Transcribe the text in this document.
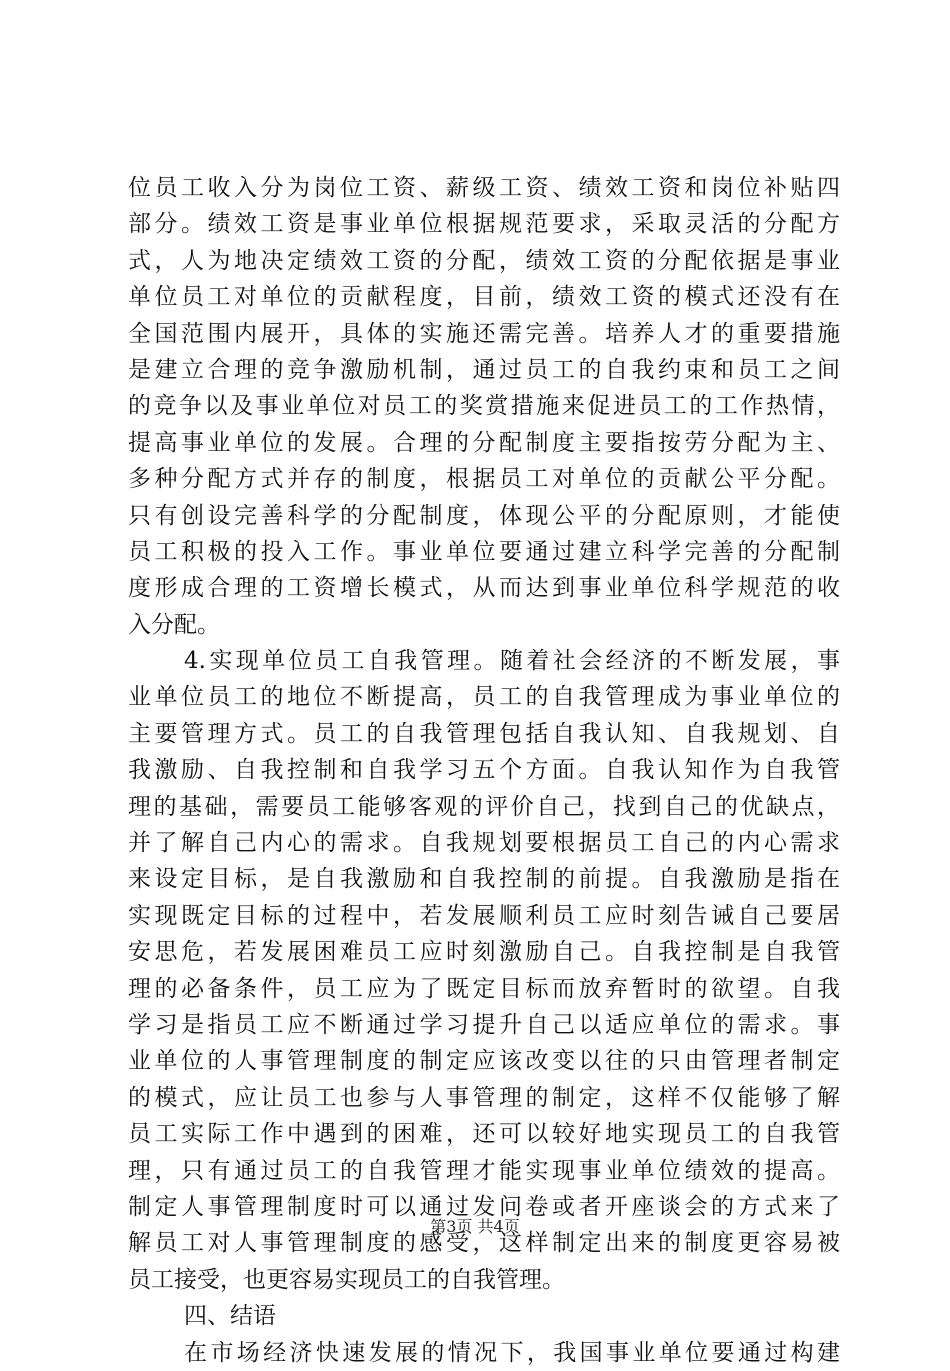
位员工收入分为岗位工资、薪级工资、绩效工资和岗位补贴四
部分。绩效工资是事业单位根据规范要求，采取灵活的分配方
式，人为地决定绩效工资的分配，绩效工资的分配依据是事业
单位员工对单位的贡献程度，目前，绩效工资的模式还没有在
全国范围内展开，具体的实施还需完善。培养人才的重要措施
是建立合理的竞争激励机制，通过员工的自我约束和员工之间
的竞争以及事业单位对员工的奖赏措施来促进员工的工作热情，
提高事业单位的发展。合理的分配制度主要指按劳分配为主、
多种分配方式并存的制度，根据员工对单位的贡献公平分配。
只有创设完善科学的分配制度，体现公平的分配原则，才能使
员工积极的投入工作。事业单位要通过建立科学完善的分配制
度形成合理的工资增长模式，从而达到事业单位科学规范的收
入分配。
4.实现单位员工自我管理。随着社会经济的不断发展，事
业单位员工的地位不断提高，员工的自我管理成为事业单位的
主要管理方式。员工的自我管理包括自我认知、自我规划、自
我激励、自我控制和自我学习五个方面。自我认知作为自我管
理的基础，需要员工能够客观的评价自己，找到自己的优缺点，
并了解自己内心的需求。自我规划要根据员工自己的内心需求
来设定目标，是自我激励和自我控制的前提。自我激励是指在
实现既定目标的过程中，若发展顺利员工应时刻告诫自己要居
安思危，若发展困难员工应时刻激励自己。自我控制是自我管
理的必备条件，员工应为了既定目标而放弃暂时的欲望。自我
学习是指员工应不断通过学习提升自己以适应单位的需求。事
业单位的人事管理制度的制定应该改变以往的只由管理者制定
的模式，应让员工也参与人事管理的制定，这样不仅能够了解
员工实际工作中遇到的困难，还可以较好地实现员工的自我管
理，只有通过员工的自我管理才能实现事业单位绩效的提高。
制定人事管理制度时可以通过发问卷或者开座谈会的方式来了
解员工对人事管理制度的感受，这样制定出来的制度更容易被
员工接受，也更容易实现员工的自我管理。
四、结语
在市场经济快速发展的情况下，我国事业单位要通过构建
第3页 共4页
